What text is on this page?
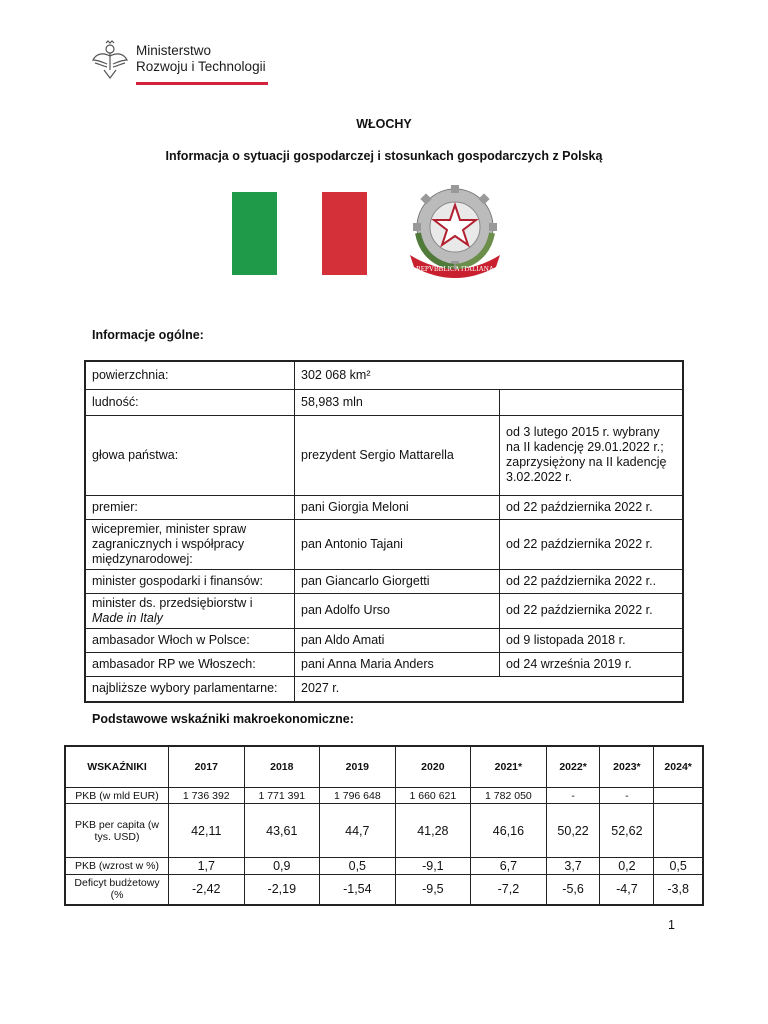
Ministerstwo
Rozwoju i Technologii
WŁOCHY
Informacja o sytuacji gospodarczej i stosunkach gospodarczych z Polską
REPVBBLICA ITALIANA
Informacje ogólne:
powierzchnia:	302 068 km²	
ludność:	58,983 mln	
głowa państwa:	prezydent Sergio Mattarella	od 3 lutego 2015 r. wybrany na II kadencję 29.01.2022 r.; zaprzysiężony na II kadencję 3.02.2022 r.
premier:	pani Giorgia Meloni	od 22 października 2022 r.
wicepremier, minister spraw zagranicznych i współpracy międzynarodowej:	pan Antonio Tajani	od 22 października 2022 r.
minister gospodarki i finansów:	pan Giancarlo Giorgetti	od 22 października 2022 r..
minister ds. przedsiębiorstw i
Made in Italy	pan Adolfo Urso	od 22 października 2022 r.
ambasador Włoch w Polsce:	pan Aldo Amati	od 9 listopada 2018 r.
ambasador RP we Włoszech:	pani Anna Maria Anders	od 24 września 2019 r.
najbliższe wybory parlamentarne:	2027 r.	
Podstawowe wskaźniki makroekonomiczne:
WSKAŹNIKI	2017	2018	2019	2020	2021*	2022*	2023*	2024*
PKB (w mld EUR)	1 736 392	1 771 391	1 796 648	1 660 621	1 782 050	-	-	
PKB per capita (w tys. USD)	42,11	43,61	44,7	41,28	46,16	50,22	52,62	
PKB (wzrost w %)	1,7	0,9	0,5	-9,1	6,7	3,7	0,2	0,5
Deficyt budżetowy (%	-2,42	-2,19	-1,54	-9,5	-7,2	-5,6	-4,7	-3,8
1
